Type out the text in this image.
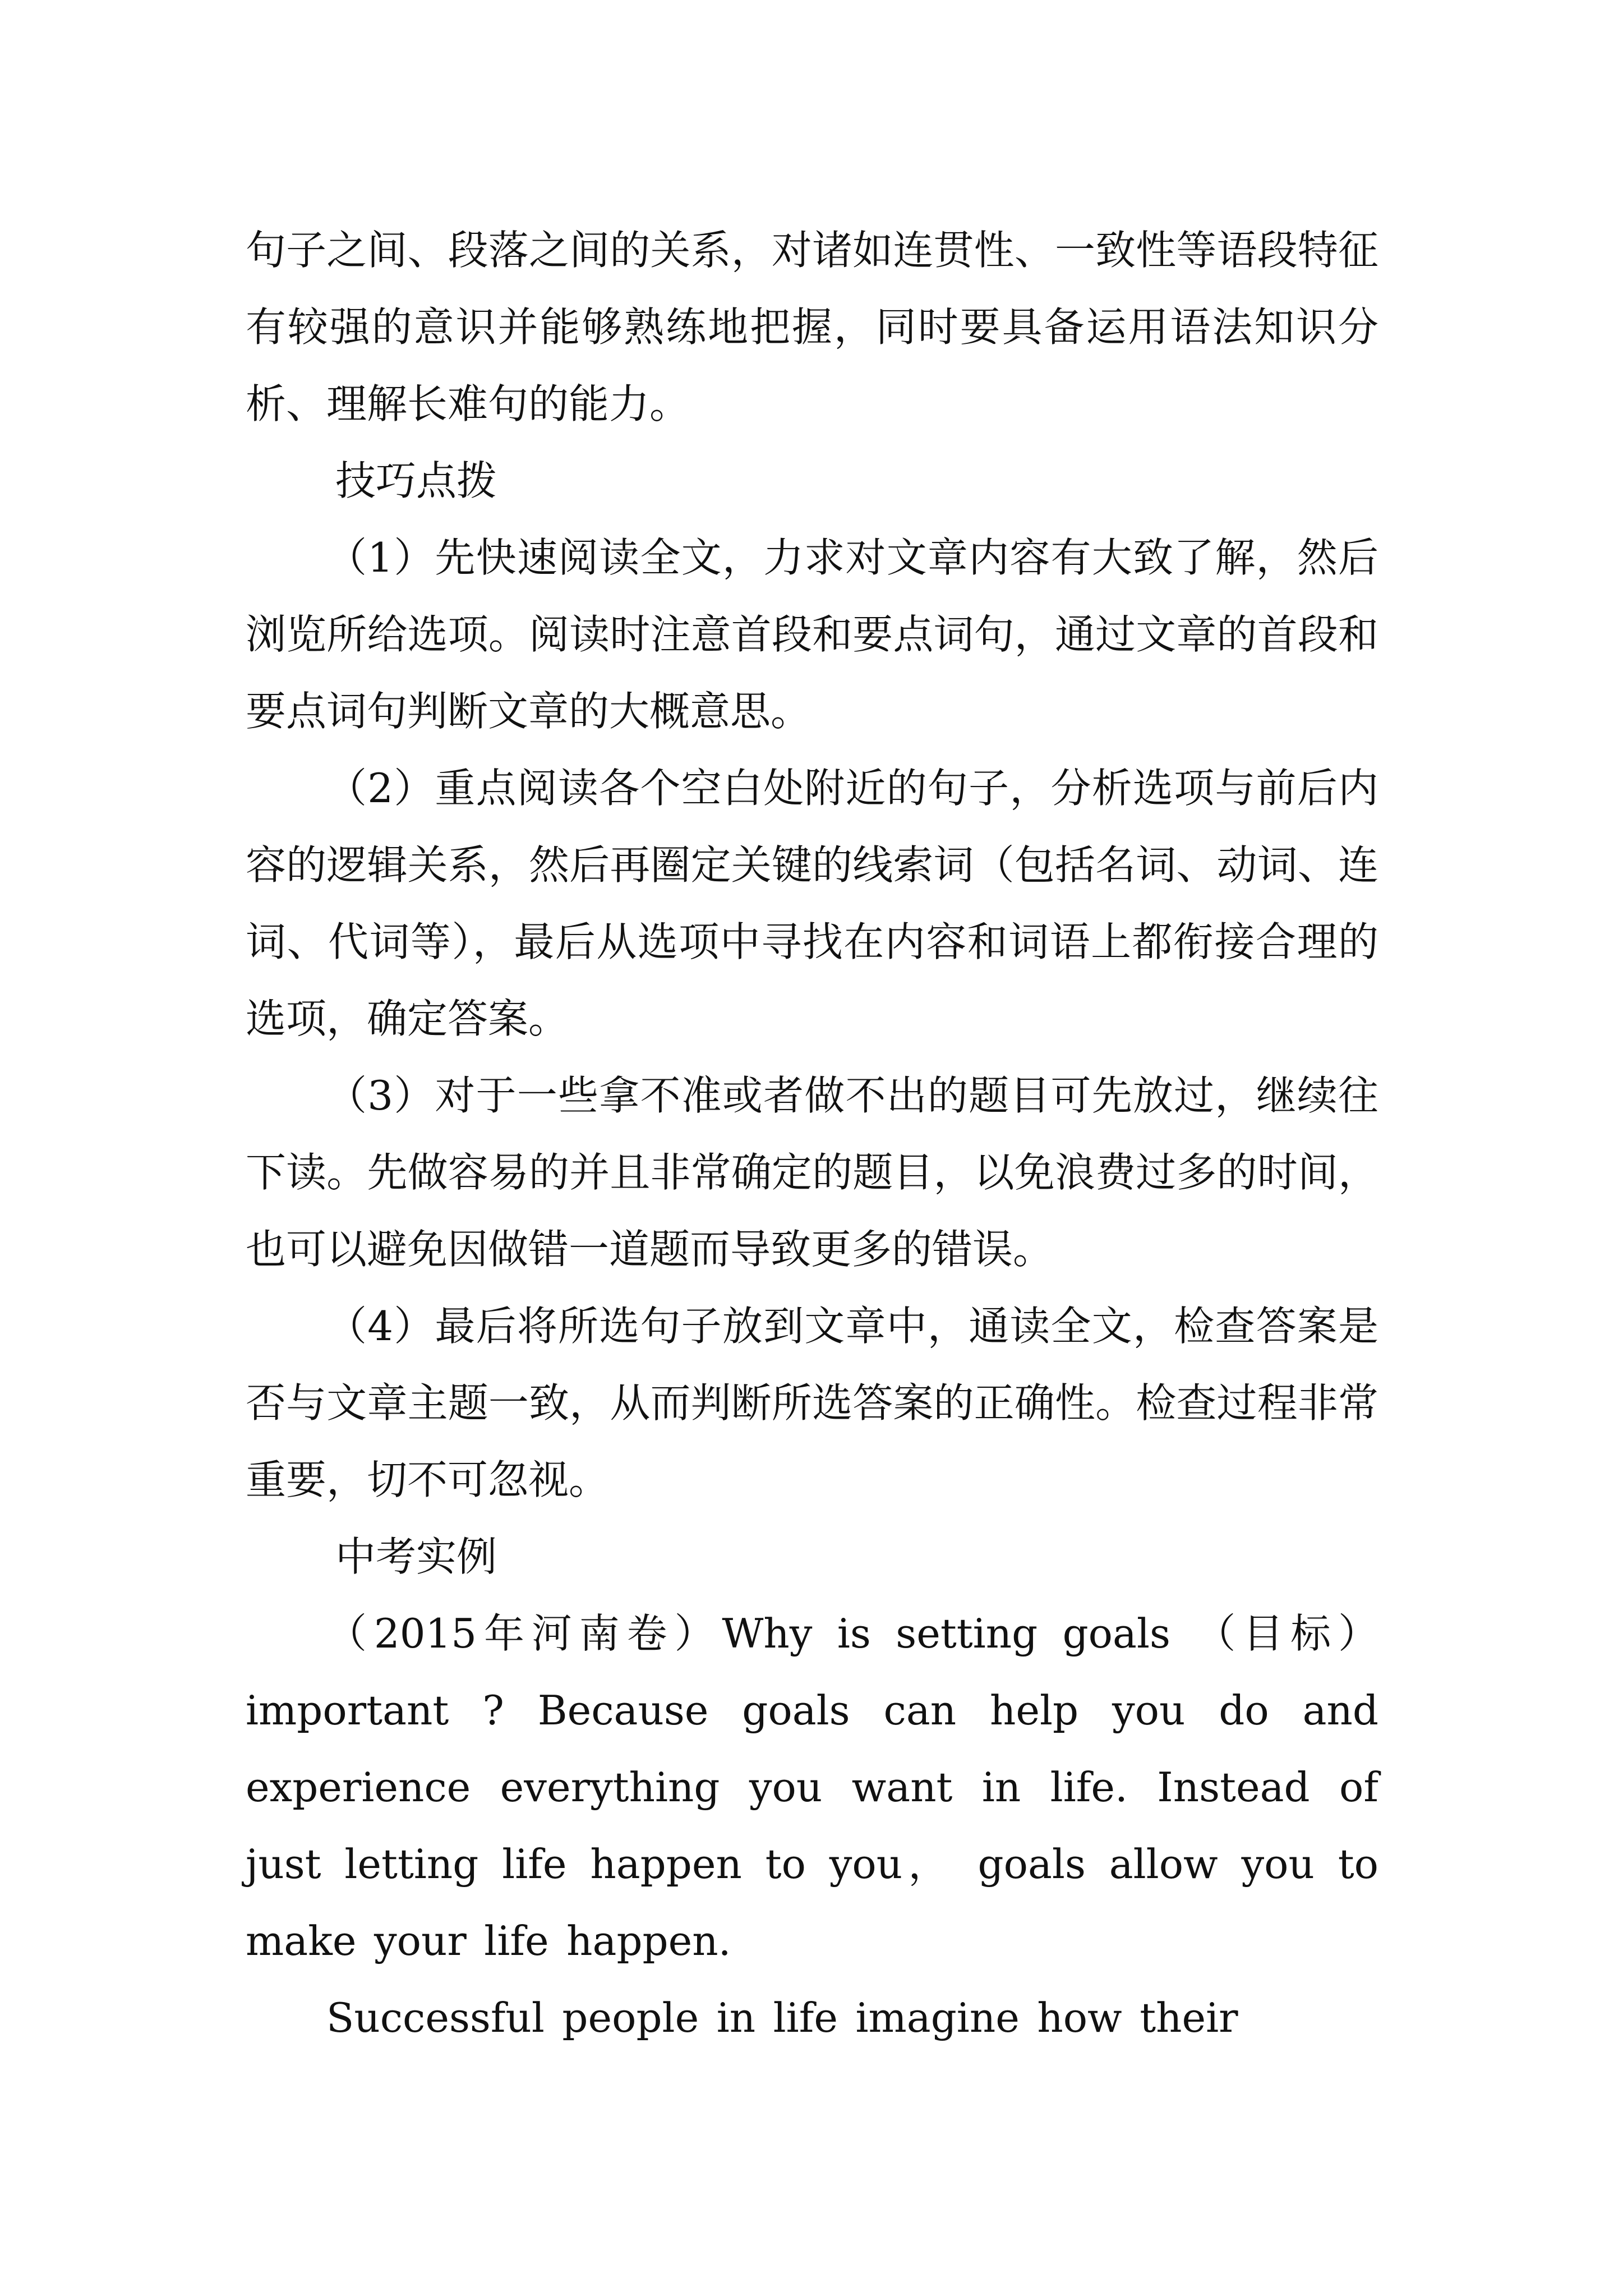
句子之间、段落之间的关系，对诸如连贯性、一致性等语段特征有较强的意识并能够熟练地把握，同时要具备运用语法知识分析、理解长难句的能力。

技巧点拨

（1）先快速阅读全文，力求对文章内容有大致了解，然后浏览所给选项。阅读时注意首段和要点词句，通过文章的首段和要点词句判断文章的大概意思。

（2）重点阅读各个空白处附近的句子，分析选项与前后内容的逻辑关系，然后再圈定关键的线索词（包括名词、动词、连词、代词等），最后从选项中寻找在内容和词语上都衔接合理的选项，确定答案。

（3）对于一些拿不准或者做不出的题目可先放过，继续往下读。先做容易的并且非常确定的题目，以免浪费过多的时间，也可以避免因做错一道题而导致更多的错误。

（4）最后将所选句子放到文章中，通读全文，检查答案是否与文章主题一致，从而判断所选答案的正确性。检查过程非常重要，切不可忽视。

中考实例

（2015年河南卷）Why is setting goals （目标） important ? Because goals can help you do and experience everything you want in life. Instead of just letting life happen to you， goals allow you to make your life happen.

Successful people in life imagine how their
